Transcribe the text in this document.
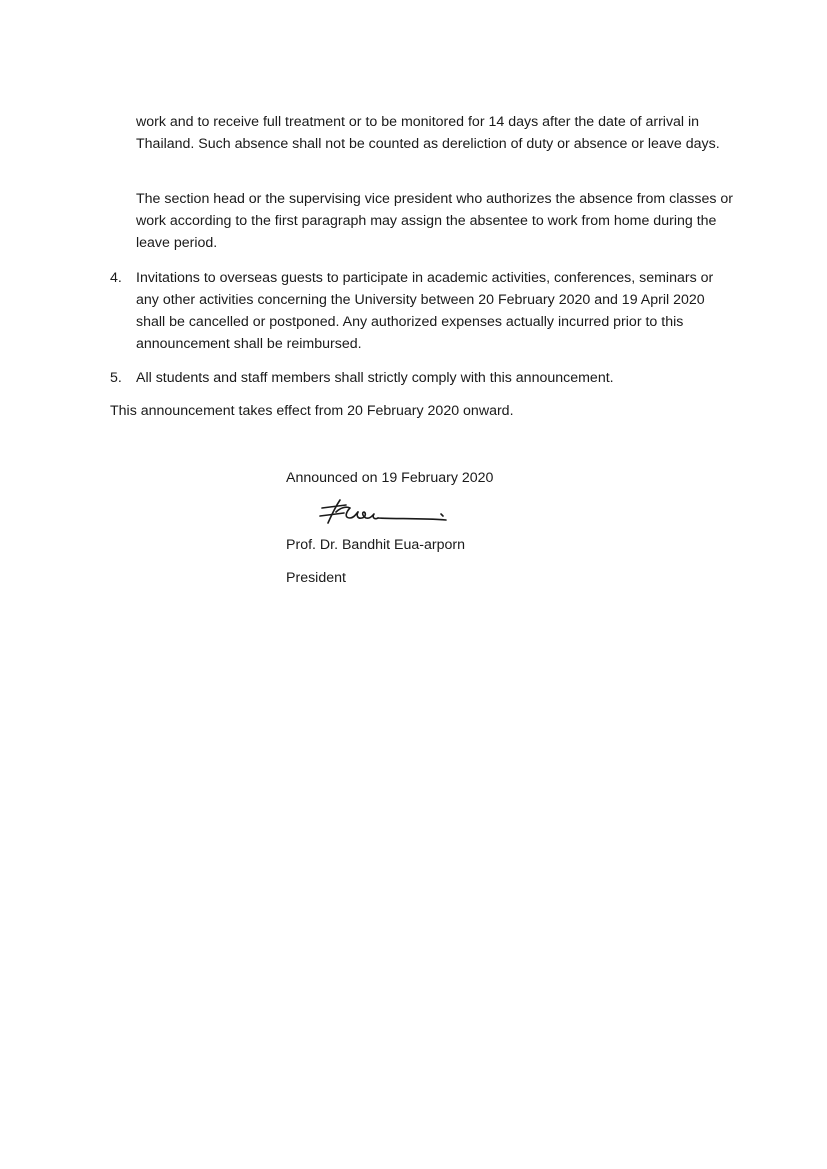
work and to receive full treatment or to be monitored for 14 days after the date of arrival in Thailand. Such absence shall not be counted as dereliction of duty or absence or leave days.

The section head or the supervising vice president who authorizes the absence from classes or work according to the first paragraph may assign the absentee to work from home during the leave period.

4. Invitations to overseas guests to participate in academic activities, conferences, seminars or any other activities concerning the University between 20 February 2020 and 19 April 2020 shall be cancelled or postponed. Any authorized expenses actually incurred prior to this announcement shall be reimbursed.
5. All students and staff members shall strictly comply with this announcement.

This announcement takes effect from 20 February 2020 onward.

Announced on 19 February 2020
Prof. Dr. Bandhit Eua-arporn
President
